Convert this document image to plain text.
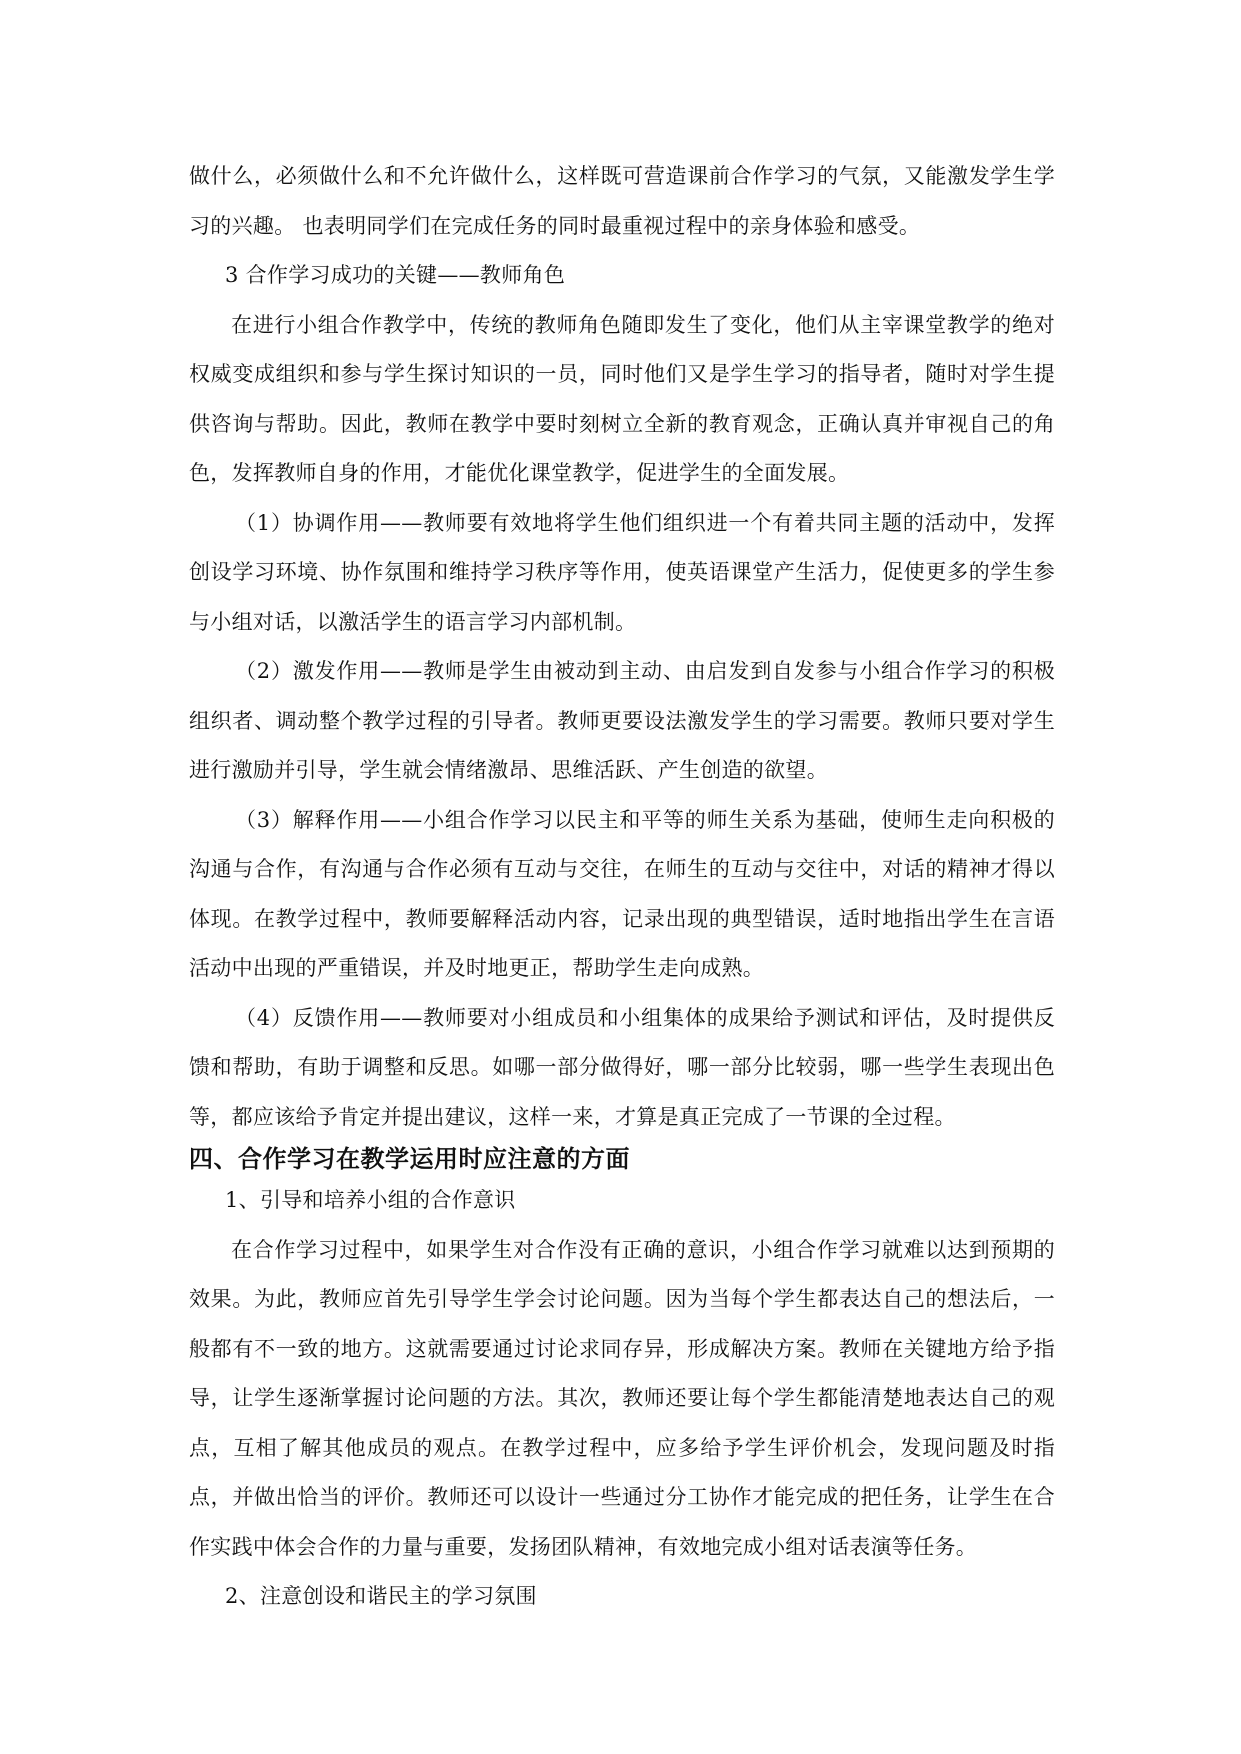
做什么，必须做什么和不允许做什么，这样既可营造课前合作学习的气氛，又能激发学生学习的兴趣。 也表明同学们在完成任务的同时最重视过程中的亲身体验和感受。

3 合作学习成功的关键——教师角色

在进行小组合作教学中，传统的教师角色随即发生了变化，他们从主宰课堂教学的绝对权威变成组织和参与学生探讨知识的一员，同时他们又是学生学习的指导者，随时对学生提供咨询与帮助。因此，教师在教学中要时刻树立全新的教育观念，正确认真并审视自己的角色，发挥教师自身的作用，才能优化课堂教学，促进学生的全面发展。

（1）协调作用——教师要有效地将学生他们组织进一个有着共同主题的活动中，发挥创设学习环境、协作氛围和维持学习秩序等作用，使英语课堂产生活力，促使更多的学生参与小组对话，以激活学生的语言学习内部机制。

（2）激发作用——教师是学生由被动到主动、由启发到自发参与小组合作学习的积极组织者、调动整个教学过程的引导者。教师更要设法激发学生的学习需要。教师只要对学生进行激励并引导，学生就会情绪激昂、思维活跃、产生创造的欲望。

（3）解释作用——小组合作学习以民主和平等的师生关系为基础，使师生走向积极的沟通与合作，有沟通与合作必须有互动与交往，在师生的互动与交往中，对话的精神才得以体现。在教学过程中，教师要解释活动内容，记录出现的典型错误，适时地指出学生在言语活动中出现的严重错误，并及时地更正，帮助学生走向成熟。

（4）反馈作用——教师要对小组成员和小组集体的成果给予测试和评估，及时提供反馈和帮助，有助于调整和反思。如哪一部分做得好，哪一部分比较弱，哪一些学生表现出色等，都应该给予肯定并提出建议，这样一来，才算是真正完成了一节课的全过程。

四、合作学习在教学运用时应注意的方面

1、引导和培养小组的合作意识

在合作学习过程中，如果学生对合作没有正确的意识，小组合作学习就难以达到预期的效果。为此，教师应首先引导学生学会讨论问题。因为当每个学生都表达自己的想法后，一般都有不一致的地方。这就需要通过讨论求同存异，形成解决方案。教师在关键地方给予指导，让学生逐渐掌握讨论问题的方法。其次，教师还要让每个学生都能清楚地表达自己的观点，互相了解其他成员的观点。在教学过程中，应多给予学生评价机会，发现问题及时指点，并做出恰当的评价。教师还可以设计一些通过分工协作才能完成的把任务，让学生在合作实践中体会合作的力量与重要，发扬团队精神，有效地完成小组对话表演等任务。

2、注意创设和谐民主的学习氛围
